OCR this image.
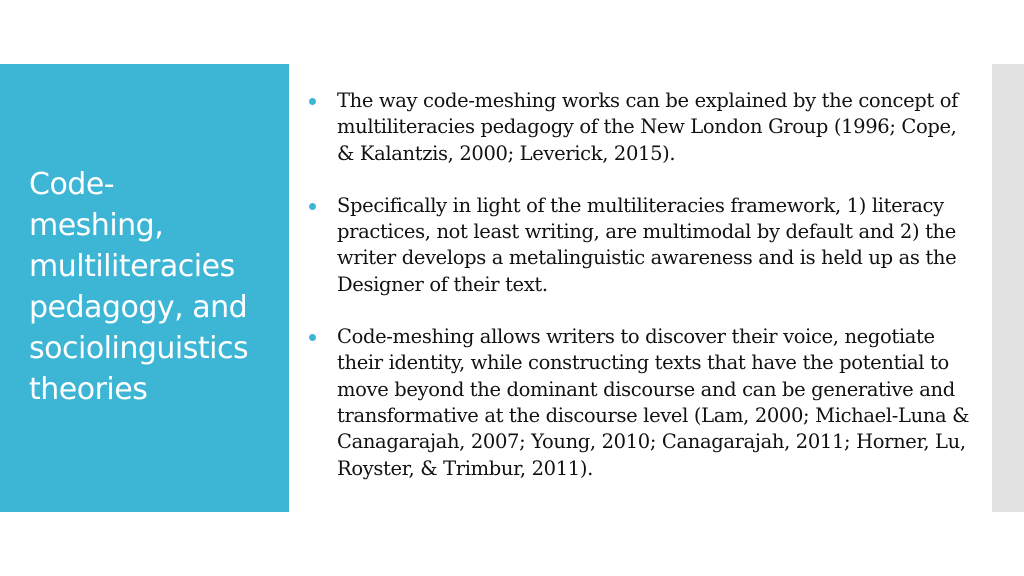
Code-
meshing,
multiliteracies
pedagogy, and
sociolinguistics
theories
The way code-meshing works can be explained by the concept of multiliteracies pedagogy of the New London Group (1996; Cope, & Kalantzis, 2000; Leverick, 2015).
Specifically in light of the multiliteracies framework, 1) literacy practices, not least writing, are multimodal by default and 2) the writer develops a metalinguistic awareness and is held up as the Designer of their text.
Code-meshing allows writers to discover their voice, negotiate their identity, while constructing texts that have the potential to move beyond the dominant discourse and can be generative and transformative at the discourse level (Lam, 2000; Michael-Luna & Canagarajah, 2007; Young, 2010; Canagarajah, 2011; Horner, Lu, Royster, & Trimbur, 2011).
